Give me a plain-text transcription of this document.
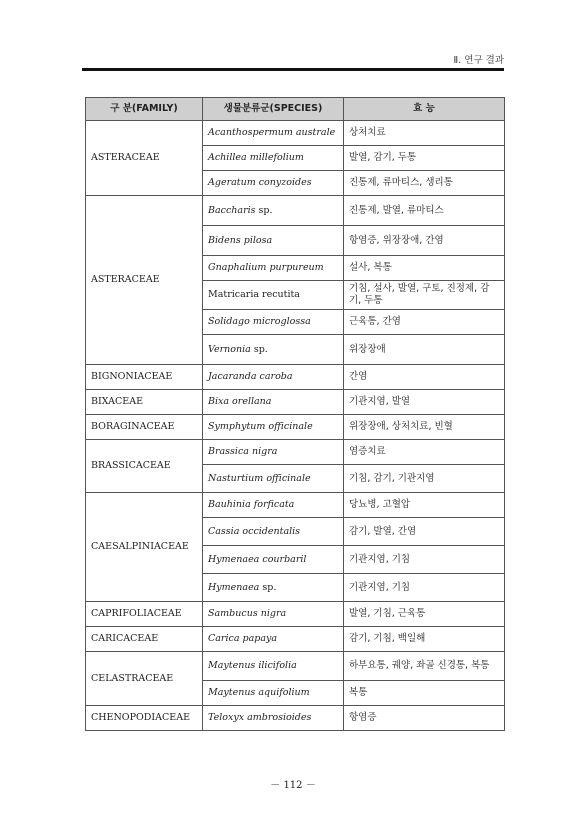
Ⅱ. 연구 결과
구 분(FAMILY)	생물분류군(SPECIES)	효 능
ASTERACEAE	Acanthospermum australe	상처치료
	Achillea millefolium	발열, 감기, 두통
	Ageratum conyzoides	진통제, 류마티스, 생리통
ASTERACEAE	Baccharis sp.	진통제, 발열, 류마티스
	Bidens pilosa	항염증, 위장장애, 간염
	Gnaphalium purpureum	설사, 복통
	Matricaria recutita	기침, 설사, 발열, 구토, 진정제, 감기, 두통
	Solidago microglossa	근육통, 간염
	Vernonia sp.	위장장애
BIGNONIACEAE	Jacaranda caroba	간염
BIXACEAE	Bixa orellana	기관지염, 발열
BORAGINACEAE	Symphytum officinale	위장장애, 상처치료, 빈혈
BRASSICACEAE	Brassica nigra	염증치료
	Nasturtium officinale	기침, 감기, 기관지염
CAESALPINIACEAE	Bauhinia forficata	당뇨병, 고혈압
	Cassia occidentalis	감기, 발열, 간염
	Hymenaea courbaril	기관지염, 기침
	Hymenaea sp.	기관지염, 기침
CAPRIFOLIACEAE	Sambucus nigra	발열, 기침, 근육통
CARICACEAE	Carica papaya	감기, 기침, 백일해
CELASTRACEAE	Maytenus ilicifolia	하부요통, 궤양, 좌골 신경통, 복통
	Maytenus aquifolium	복통
CHENOPODIACEAE	Teloxyx ambrosioides	항염증
－ 112 －
